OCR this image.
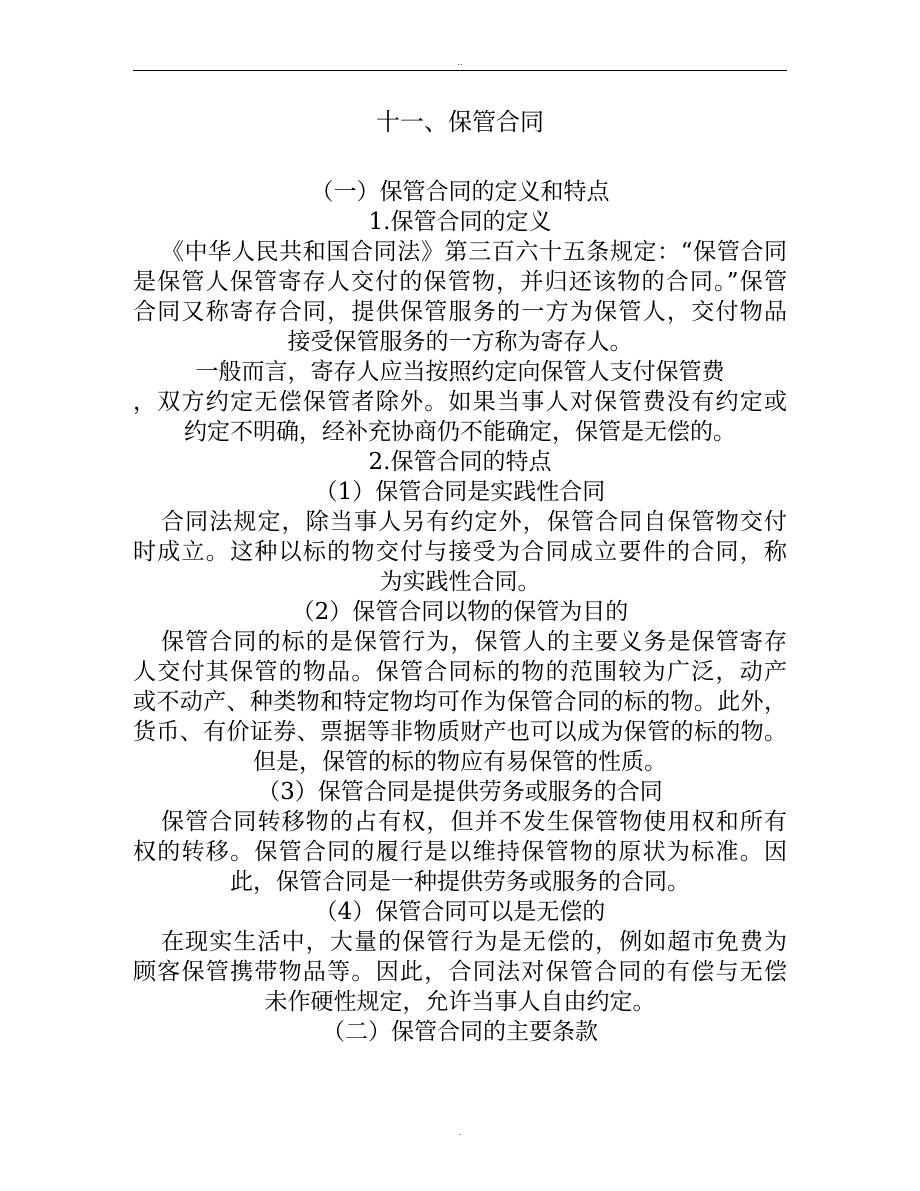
..
十一、保管合同
（一）保管合同的定义和特点
1.保管合同的定义
《中华人民共和国合同法》第三百六十五条规定：“保管合同
是保管人保管寄存人交付的保管物，并归还该物的合同。”保管
合同又称寄存合同，提供保管服务的一方为保管人，交付物品
接受保管服务的一方称为寄存人。
一般而言，寄存人应当按照约定向保管人支付保管费
，双方约定无偿保管者除外。如果当事人对保管费没有约定或
约定不明确，经补充协商仍不能确定，保管是无偿的。
2.保管合同的特点
（1）保管合同是实践性合同
合同法规定，除当事人另有约定外，保管合同自保管物交付
时成立。这种以标的物交付与接受为合同成立要件的合同，称
为实践性合同。
（2）保管合同以物的保管为目的
保管合同的标的是保管行为，保管人的主要义务是保管寄存
人交付其保管的物品。保管合同标的物的范围较为广泛，动产
或不动产、种类物和特定物均可作为保管合同的标的物。此外，
货币、有价证券、票据等非物质财产也可以成为保管的标的物。
但是，保管的标的物应有易保管的性质。
（3）保管合同是提供劳务或服务的合同
保管合同转移物的占有权，但并不发生保管物使用权和所有
权的转移。保管合同的履行是以维持保管物的原状为标准。因
此，保管合同是一种提供劳务或服务的合同。
（4）保管合同可以是无偿的
在现实生活中，大量的保管行为是无偿的，例如超市免费为
顾客保管携带物品等。因此，合同法对保管合同的有偿与无偿
未作硬性规定，允许当事人自由约定。
（二）保管合同的主要条款
.
